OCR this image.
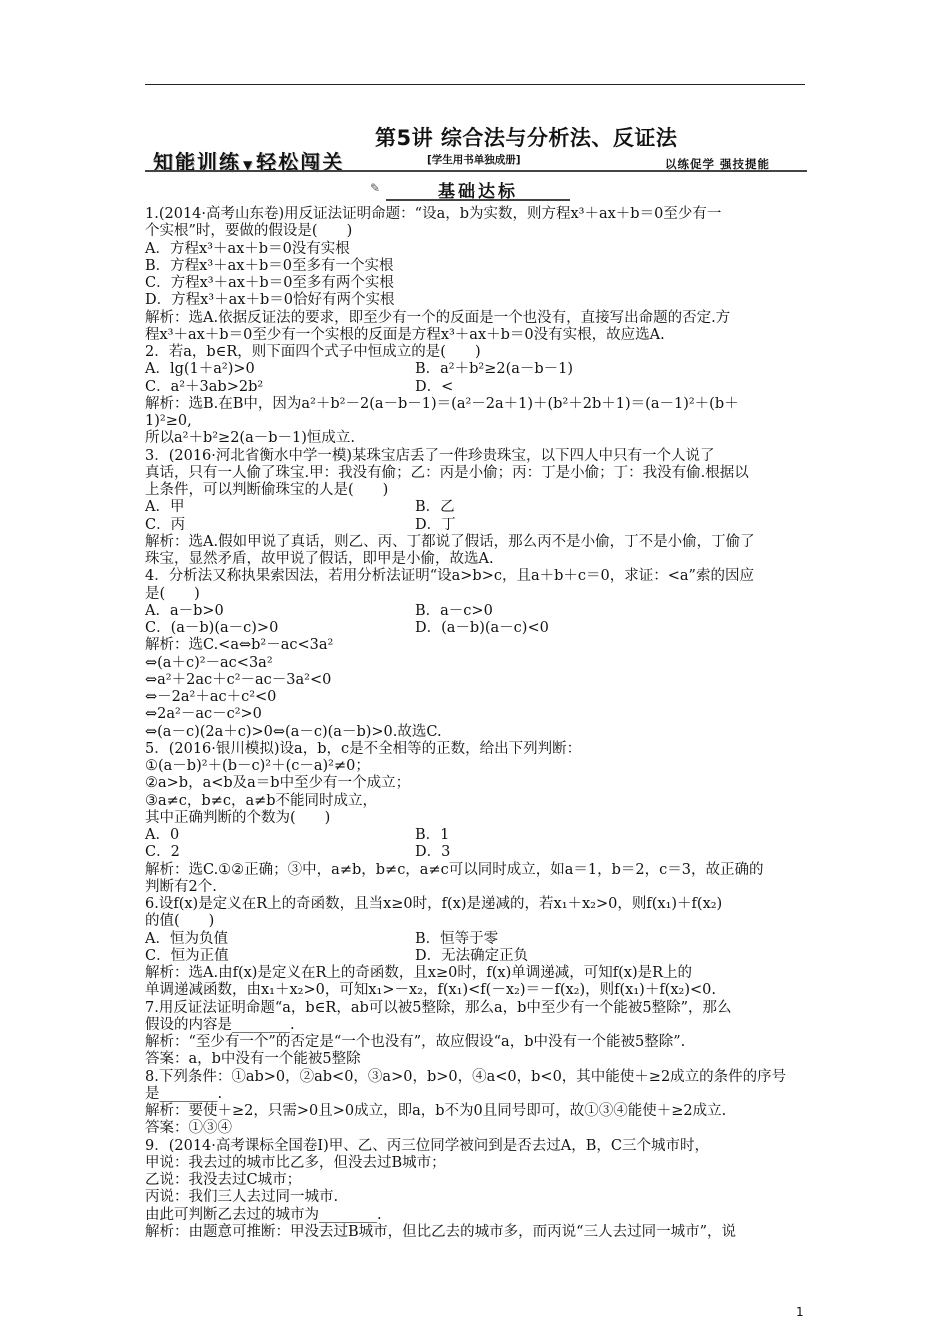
第5讲 综合法与分析法、反证法
知能训练 ▼ 轻松闯关	[学生用书单独成册]	以练促学 强技提能
✎	基础达标
1.(2014·高考山东卷)用反证法证明命题：“设a，b为实数，则方程x³＋ax＋b＝0至少有一
个实根”时，要做的假设是(　　)
A．方程x³＋ax＋b＝0没有实根
B．方程x³＋ax＋b＝0至多有一个实根
C．方程x³＋ax＋b＝0至多有两个实根
D．方程x³＋ax＋b＝0恰好有两个实根
解析：选A.依据反证法的要求，即至少有一个的反面是一个也没有，直接写出命题的否定.方
程x³＋ax＋b＝0至少有一个实根的反面是方程x³＋ax＋b＝0没有实根，故应选A.
2．若a，b∈R，则下面四个式子中恒成立的是(　　)
A．lg(1＋a²)>0	B．a²＋b²≥2(a－b－1)
C．a²＋3ab>2b²	D．<
解析：选B.在B中，因为a²＋b²－2(a－b－1)＝(a²－2a＋1)＋(b²＋2b＋1)＝(a－1)²＋(b＋
1)²≥0,
所以a²＋b²≥2(a－b－1)恒成立.
3．(2016·河北省衡水中学一模)某珠宝店丢了一件珍贵珠宝，以下四人中只有一个人说了
真话，只有一人偷了珠宝.甲：我没有偷；乙：丙是小偷；丙：丁是小偷；丁：我没有偷.根据以
上条件，可以判断偷珠宝的人是(　　)
A．甲	B．乙
C．丙	D．丁
解析：选A.假如甲说了真话，则乙、丙、丁都说了假话，那么丙不是小偷，丁不是小偷，丁偷了
珠宝，显然矛盾，故甲说了假话，即甲是小偷，故选A.
4．分析法又称执果索因法，若用分析法证明“设a>b>c，且a＋b＋c＝0，求证：<a”索的因应
是(　　)
A．a－b>0	B．a－c>0
C．(a－b)(a－c)>0	D．(a－b)(a－c)<0
解析：选C.<a⇔b²－ac<3a²
⇔(a＋c)²－ac<3a²
⇔a²＋2ac＋c²－ac－3a²<0
⇔－2a²＋ac＋c²<0
⇔2a²－ac－c²>0
⇔(a－c)(2a＋c)>0⇔(a－c)(a－b)>0.故选C.
5．(2016·银川模拟)设a，b，c是不全相等的正数，给出下列判断：
①(a－b)²＋(b－c)²＋(c－a)²≠0；
②a>b，a<b及a＝b中至少有一个成立；
③a≠c，b≠c，a≠b不能同时成立，
其中正确判断的个数为(　　)
A．0	B．1
C．2	D．3
解析：选C.①②正确；③中，a≠b，b≠c，a≠c可以同时成立，如a＝1，b＝2，c＝3，故正确的
判断有2个.
6.设f(x)是定义在R上的奇函数，且当x≥0时，f(x)是递减的，若x₁＋x₂>0，则f(x₁)＋f(x₂)
的值(　　)
A．恒为负值	B．恒等于零
C．恒为正值	D．无法确定正负
解析：选A.由f(x)是定义在R上的奇函数，且x≥0时，f(x)单调递减，可知f(x)是R上的
单调递减函数，由x₁＋x₂>0，可知x₁>－x₂，f(x₁)<f(－x₂)＝－f(x₂)，则f(x₁)＋f(x₂)<0.
7.用反证法证明命题“a，b∈R，ab可以被5整除，那么a，b中至少有一个能被5整除”，那么
假设的内容是________.
解析：“至少有一个”的否定是“一个也没有”，故应假设“a，b中没有一个能被5整除”.
答案：a，b中没有一个能被5整除
8.下列条件：①ab>0，②ab<0，③a>0，b>0，④a<0，b<0，其中能使＋≥2成立的条件的序号
是________.
解析：要使＋≥2，只需>0且>0成立，即a，b不为0且同号即可，故①③④能使＋≥2成立.
答案：①③④
9．(2014·高考课标全国卷Ⅰ)甲、乙、丙三位同学被问到是否去过A，B，C三个城市时，
甲说：我去过的城市比乙多，但没去过B城市；
乙说：我没去过C城市；
丙说：我们三人去过同一城市.
由此可判断乙去过的城市为________.
解析：由题意可推断：甲没去过B城市，但比乙去的城市多，而丙说“三人去过同一城市”，说
1
